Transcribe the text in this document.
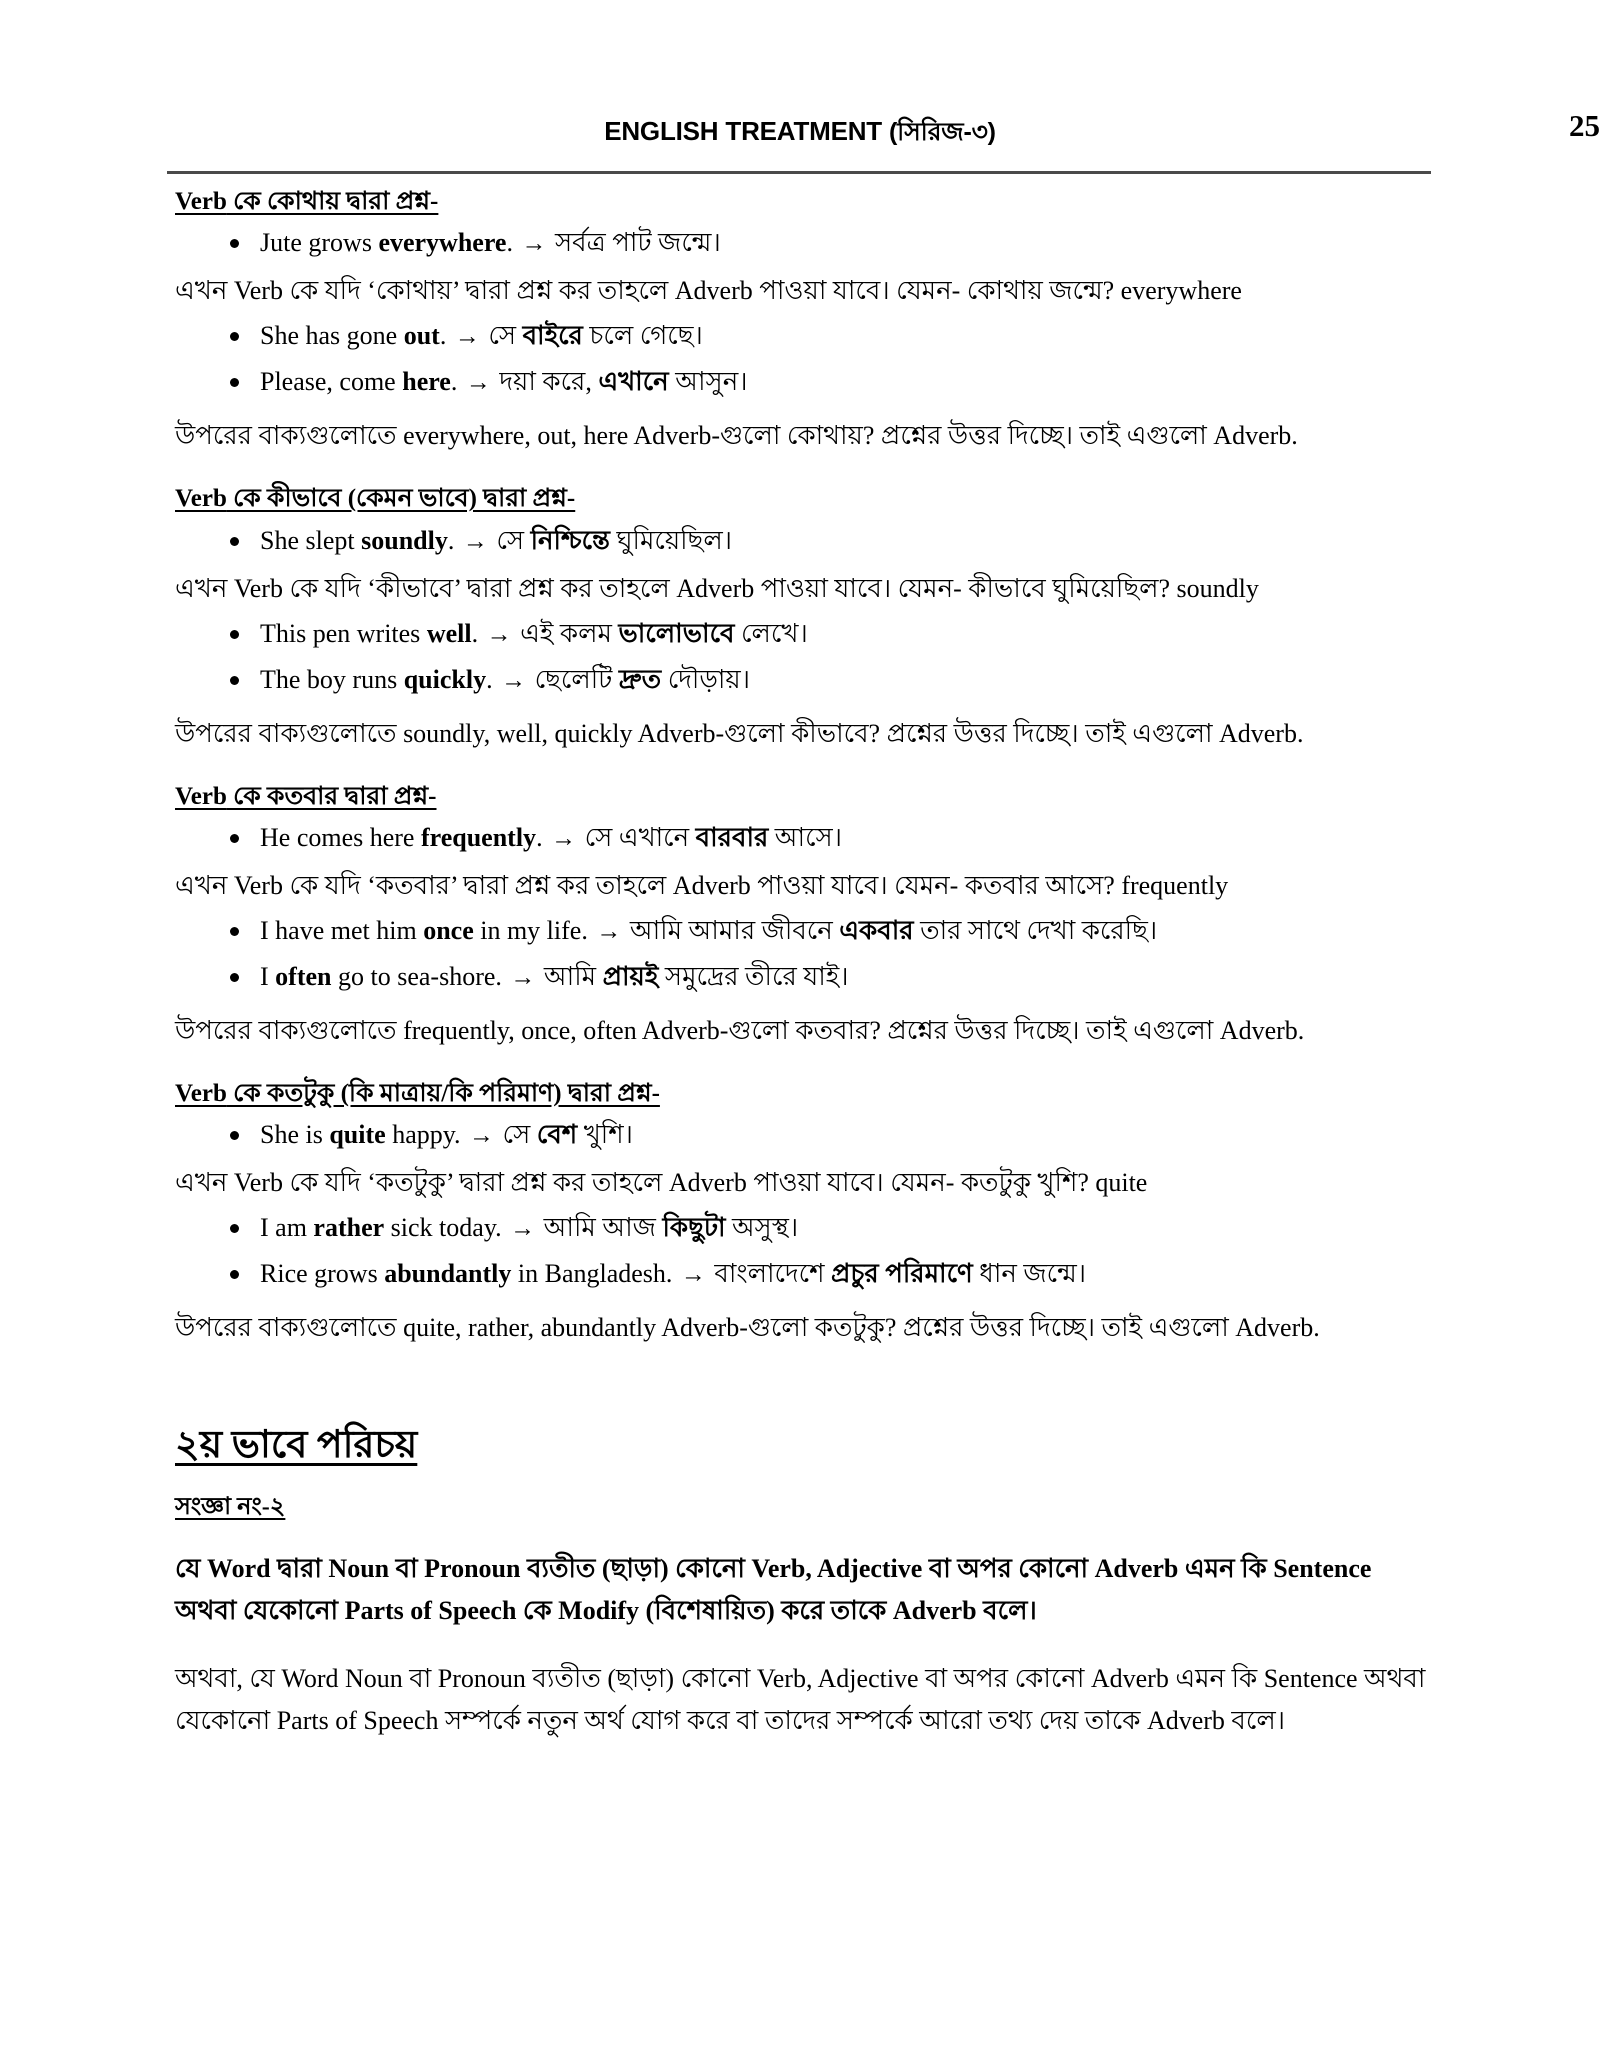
ENGLISH TREATMENT (সিরিজ-৩)	25
Verb কে কোথায় দ্বারা প্রশ্ন-
Jute grows everywhere. → সর্বত্র পাট জন্মে।

এখন Verb কে যদি ‘কোথায়’ দ্বারা প্রশ্ন কর তাহলে Adverb পাওয়া যাবে। যেমন- কোথায় জন্মে? everywhere

She has gone out. → সে বাইরে চলে গেছে।
Please, come here. → দয়া করে, এখানে আসুন।

উপরের বাক্যগুলোতে everywhere, out, here Adverb-গুলো কোথায়? প্রশ্নের উত্তর দিচ্ছে। তাই এগুলো Adverb.

Verb কে কীভাবে (কেমন ভাবে) দ্বারা প্রশ্ন-
She slept soundly. → সে নিশ্চিন্তে ঘুমিয়েছিল।

এখন Verb কে যদি ‘কীভাবে’ দ্বারা প্রশ্ন কর তাহলে Adverb পাওয়া যাবে। যেমন- কীভাবে ঘুমিয়েছিল? soundly

This pen writes well. → এই কলম ভালোভাবে লেখে।
The boy runs quickly. → ছেলেটি দ্রুত দৌড়ায়।

উপরের বাক্যগুলোতে soundly, well, quickly Adverb-গুলো কীভাবে? প্রশ্নের উত্তর দিচ্ছে। তাই এগুলো Adverb.

Verb কে কতবার দ্বারা প্রশ্ন-
He comes here frequently. → সে এখানে বারবার আসে।

এখন Verb কে যদি ‘কতবার’ দ্বারা প্রশ্ন কর তাহলে Adverb পাওয়া যাবে। যেমন- কতবার আসে? frequently

I have met him once in my life. → আমি আমার জীবনে একবার তার সাথে দেখা করেছি।
I often go to sea-shore. → আমি প্রায়ই সমুদ্রের তীরে যাই।

উপরের বাক্যগুলোতে frequently, once, often Adverb-গুলো কতবার? প্রশ্নের উত্তর দিচ্ছে। তাই এগুলো Adverb.

Verb কে কতটুকু (কি মাত্রায়/কি পরিমাণ) দ্বারা প্রশ্ন-
She is quite happy. → সে বেশ খুশি।

এখন Verb কে যদি ‘কতটুকু’ দ্বারা প্রশ্ন কর তাহলে Adverb পাওয়া যাবে। যেমন- কতটুকু খুশি? quite

I am rather sick today. → আমি আজ কিছুটা অসুস্থ।
Rice grows abundantly in Bangladesh. → বাংলাদেশে প্রচুর পরিমাণে ধান জন্মে।

উপরের বাক্যগুলোতে quite, rather, abundantly Adverb-গুলো কতটুকু? প্রশ্নের উত্তর দিচ্ছে। তাই এগুলো Adverb.

২য় ভাবে পরিচয়
সংজ্ঞা নং-২

যে Word দ্বারা Noun বা Pronoun ব্যতীত (ছাড়া) কোনো Verb, Adjective বা অপর কোনো Adverb এমন কি Sentence অথবা যেকোনো Parts of Speech কে Modify (বিশেষায়িত) করে তাকে Adverb বলে।

অথবা, যে Word Noun বা Pronoun ব্যতীত (ছাড়া) কোনো Verb, Adjective বা অপর কোনো Adverb এমন কি Sentence অথবা যেকোনো Parts of Speech সম্পর্কে নতুন অর্থ যোগ করে বা তাদের সম্পর্কে আরো তথ্য দেয় তাকে Adverb বলে।
